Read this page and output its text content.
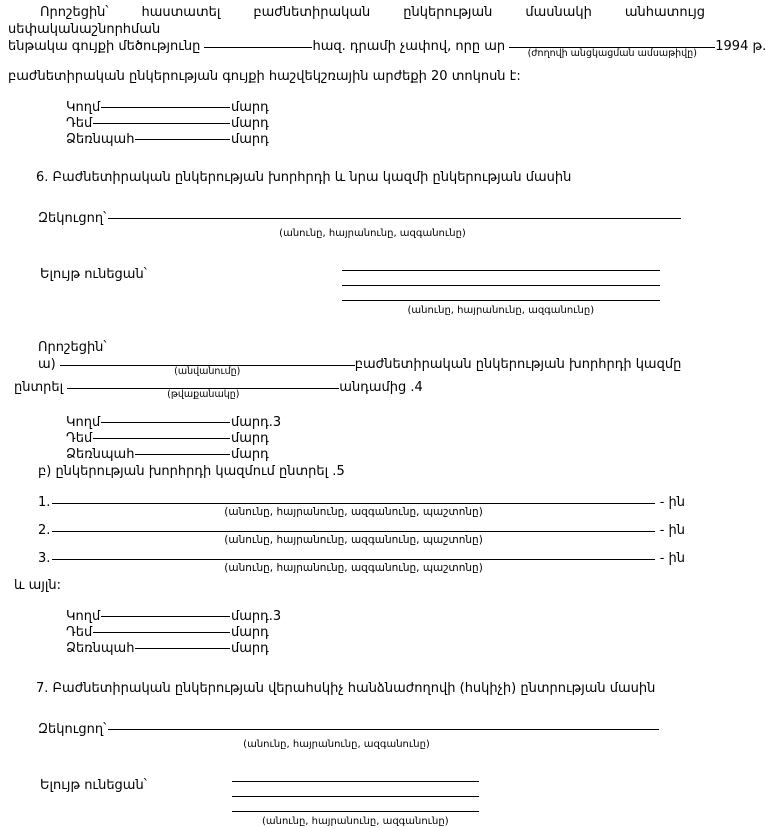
Որոշեցին՝ հաստատել բաժնետիրական ընկերության մասնակի անհատույց սեփականաշնորհման
ենթակա գույքի մեծությունը	հազ. դրամի չափով, որը ար	(ժողովի անցկացման ամսաթիվը)	1994 թ.
բաժնետիրական ընկերության գույքի հաշվեկշռային արժեքի 20 տոկոսն է:
Կողմ	մարդ
Դեմ	մարդ
Ձեռնպահ	մարդ
6. Բաժնետիրական ընկերության խորհրդի և նրա կազմի ընկերության մասին
Զեկուցող՝
(անունը, հայրանունը, ազգանունը)
Ելույթ ունեցան՝
(անունը, հայրանունը, ազգանունը)
Որոշեցին՝
ա)	(անվանումը)	բաժնետիրական ընկերության խորհրդի կազմը
ընտրել	(թվաքանակը)	անդամից .4
Կողմ	մարդ.3
Դեմ	մարդ
Ձեռնպահ	մարդ
բ) ընկերության խորհրդի կազմում ընտրել .5
1.
(անունը, հայրանունը, ազգանունը, պաշտոնը)
- ին
2.
(անունը, հայրանունը, ազգանունը, պաշտոնը)
- ին
3.
(անունը, հայրանունը, ազգանունը, պաշտոնը)
- ին
և այլն:
Կողմ	մարդ.3
Դեմ	մարդ
Ձեռնպահ	մարդ
7. Բաժնետիրական ընկերության վերահսկիչ հանձնաժողովի (հսկիչի) ընտրության մասին
Զեկուցող՝
(անունը, հայրանունը, ազգանունը)
Ելույթ ունեցան՝
(անունը, հայրանունը, ազգանունը)
